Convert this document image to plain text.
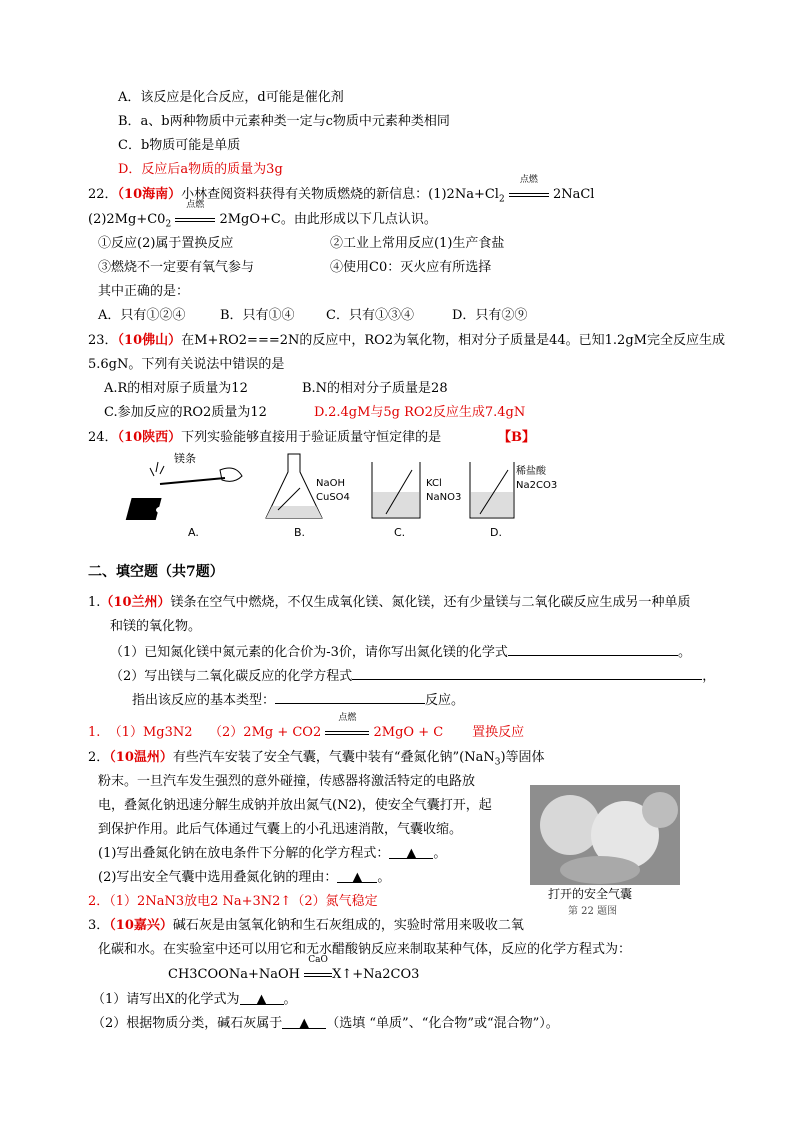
A．该反应是化合反应，d可能是催化剂
B．a、b两种物质中元素种类一定与c物质中元素种类相同
C．b物质可能是单质
D．反应后a物质的质量为3g
22．（10海南）小林查阅资料获得有关物质燃烧的新信息：$(1)2Na+Cl_2$
点燃
2NaCl
$(2)2Mg+C0_2$
点燃
2MgO+C。由此形成以下几点认识。
①反应(2)属于置换反应	②工业上常用反应(1)生产食盐
③燃烧不一定要有氧气参与	④使用C0：灭火应有所选择
其中正确的是：
A．只有①②④	B．只有①④ C．只有①③④	D．只有②⑨
23．（10佛山）在M+RO2===2N的反应中，RO2为氧化物，相对分子质量是44。已知1.2gM完全反应生成
5.6gN。下列有关说法中错误的是
A.R的相对原子质量为12	B.N的相对分子质量是28
C.参加反应的RO2质量为12	D.2.4gM与5g RO2反应生成7.4gN
24．（10陕西）下列实验能够直接用于验证质量守恒定律的是	【B】
镁条
A.
NaOH
CuSO4
B.
KCl
NaNO3
C.
稀盐酸
Na2CO3
D.
二、填空题（共7题）
1.（10兰州）镁条在空气中燃烧，不仅生成氧化镁、氮化镁，还有少量镁与二氧化碳反应生成另一种单质
和镁的氧化物。
（1）已知氮化镁中氮元素的化合价为-3价，请你写出氮化镁的化学式	。
（2）写出镁与二氧化碳反应的化学方程式	，
指出该反应的基本类型：	反应。
1. （1）Mg3N2 （2）2Mg + CO2
点燃
2MgO + C 置换反应
2．（10温州）有些汽车安装了安全气囊，气囊中装有“叠氮化钠”(NaN$_3$)等固体
粉末。一旦汽车发生强烈的意外碰撞，传感器将激活特定的电路放
电，叠氮化钠迅速分解生成钠并放出氮气(N2)，使安全气囊打开，起
到保护作用。此后气体通过气囊上的小孔迅速消散，气囊收缩。
(1)写出叠氮化钠在放电条件下分解的化学方程式： ▲ 。
(2)写出安全气囊中选用叠氮化钠的理由： ▲ 。
2．（1）2NaN3放电2 Na+3N2↑（2）氮气稳定	打开的安全气囊
第 22 题图
3．（10嘉兴）碱石灰是由氢氧化钠和生石灰组成的，实验时常用来吸收二氧
化碳和水。在实验室中还可以用它和无水醋酸钠反应来制取某种气体，反应的化学方程式为：
CH3COONa+NaOH
CaO
X↑+Na2CO3
（1）请写出X的化学式为 ▲ 。
（2）根据物质分类，碱石灰属于 ▲ （选填 “单质”、“化合物”或“混合物”）。
